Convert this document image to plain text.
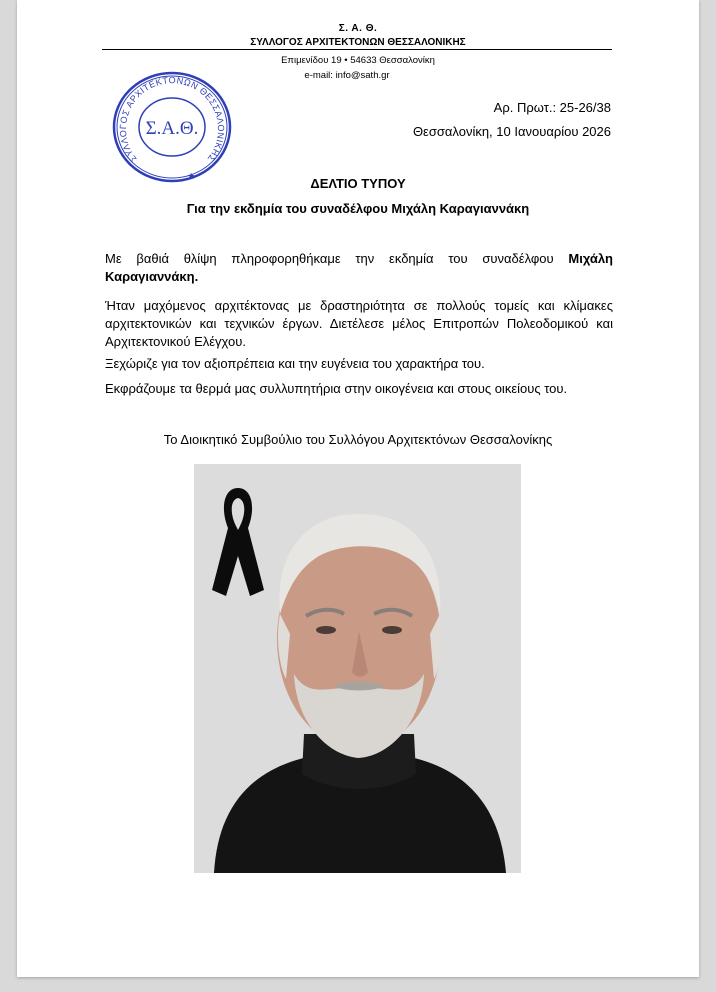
Σ. Α. Θ.
ΣΥΛΛΟΓΟΣ ΑΡΧΙΤΕΚΤΟΝΩΝ ΘΕΣΣΑΛΟΝΙΚΗΣ
Επιμενίδου 19 • 54633 Θεσσαλονίκη
e-mail: info@sath.gr
ΣΥΛΛΟΓΟΣ ΑΡΧΙΤΕΚΤΟΝΩΝ ΘΕΣΣΑΛΟΝΙΚΗΣ
Σ.Α.Θ.
★
Αρ. Πρωτ.: 25-26/38
Θεσσαλονίκη, 10 Ιανουαρίου 2026
ΔΕΛΤΙΟ ΤΥΠΟΥ
Για την εκδημία του συναδέλφου Μιχάλη Καραγιαννάκη
Με βαθιά θλίψη πληροφορηθήκαμε την εκδημία του συναδέλφου Μιχάλη Καραγιαννάκη.
Ήταν μαχόμενος αρχιτέκτονας με δραστηριότητα σε πολλούς τομείς και κλίμακες αρχιτεκτονικών και τεχνικών έργων. Διετέλεσε μέλος Επιτροπών Πολεοδομικού και Αρχιτεκτονικού Ελέγχου.
Ξεχώριζε για τον αξιοπρέπεια και την ευγένεια του χαρακτήρα του.
Εκφράζουμε τα θερμά μας συλλυπητήρια στην οικογένεια και στους οικείους του.
Το Διοικητικό Συμβούλιο του Συλλόγου Αρχιτεκτόνων Θεσσαλονίκης
